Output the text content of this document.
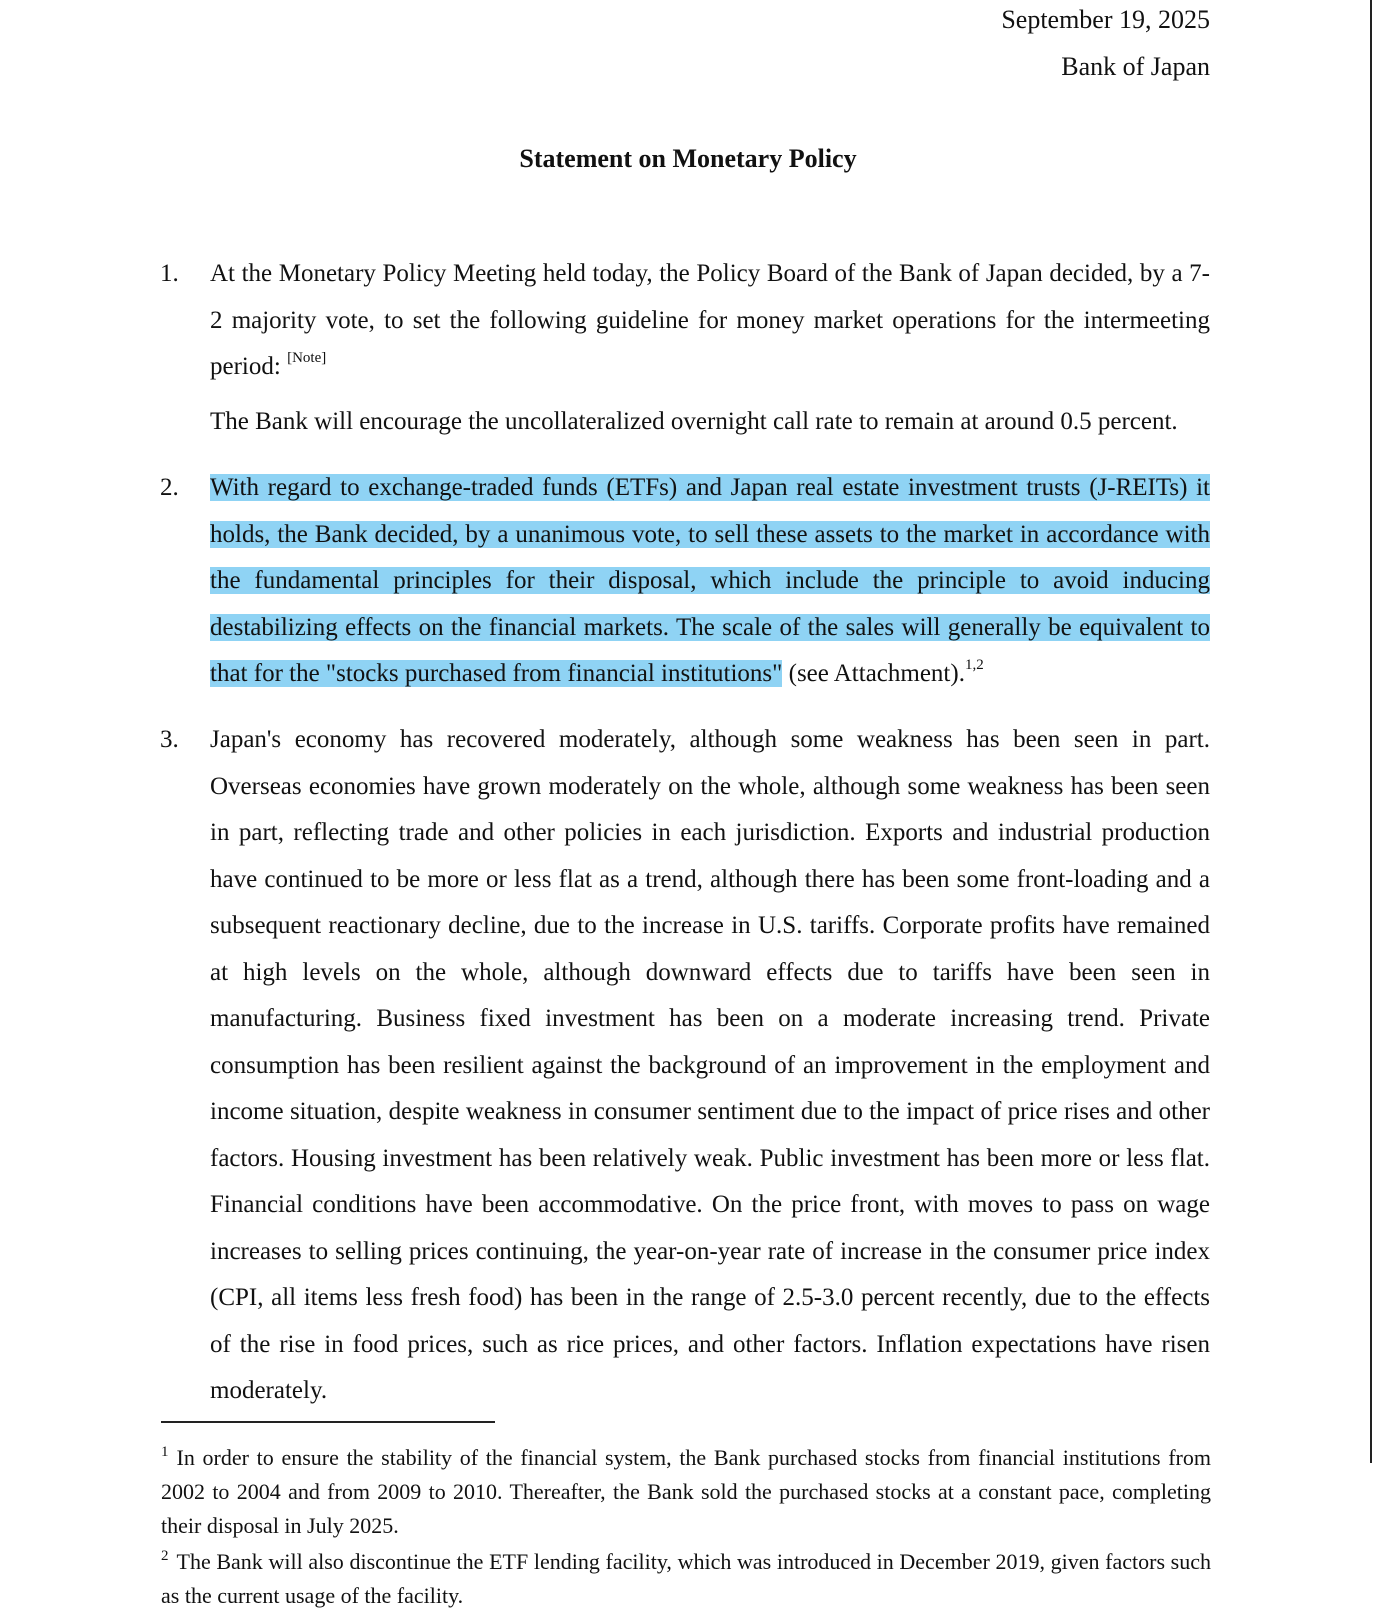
September 19, 2025
Bank of Japan
Statement on Monetary Policy
1. At the Monetary Policy Meeting held today, the Policy Board of the Bank of Japan decided, by a 7-2 majority vote, to set the following guideline for money market operations for the intermeeting period: [Note]

The Bank will encourage the uncollateralized overnight call rate to remain at around 0.5 percent.
2. With regard to exchange-traded funds (ETFs) and Japan real estate investment trusts (J-REITs) it holds, the Bank decided, by a unanimous vote, to sell these assets to the market in accordance with the fundamental principles for their disposal, which include the principle to avoid inducing destabilizing effects on the financial markets. The scale of the sales will generally be equivalent to that for the "stocks purchased from financial institutions" (see Attachment).$^{1,2}$

3. Japan's economy has recovered moderately, although some weakness has been seen in part. Overseas economies have grown moderately on the whole, although some weakness has been seen in part, reflecting trade and other policies in each jurisdiction. Exports and industrial production have continued to be more or less flat as a trend, although there has been some front-loading and a subsequent reactionary decline, due to the increase in U.S. tariffs. Corporate profits have remained at high levels on the whole, although downward effects due to tariffs have been seen in manufacturing. Business fixed investment has been on a moderate increasing trend. Private consumption has been resilient against the background of an improvement in the employment and income situation, despite weakness in consumer sentiment due to the impact of price rises and other factors. Housing investment has been relatively weak. Public investment has been more or less flat. Financial conditions have been accommodative. On the price front, with moves to pass on wage increases to selling prices continuing, the year-on-year rate of increase in the consumer price index (CPI, all items less fresh food) has been in the range of 2.5-3.0 percent recently, due to the effects of the rise in food prices, such as rice prices, and other factors. Inflation expectations have risen moderately.

$^1$ In order to ensure the stability of the financial system, the Bank purchased stocks from financial institutions from 2002 to 2004 and from 2009 to 2010. Thereafter, the Bank sold the purchased stocks at a constant pace, completing their disposal in July 2025.
$^2$ The Bank will also discontinue the ETF lending facility, which was introduced in December 2019, given factors such as the current usage of the facility.
